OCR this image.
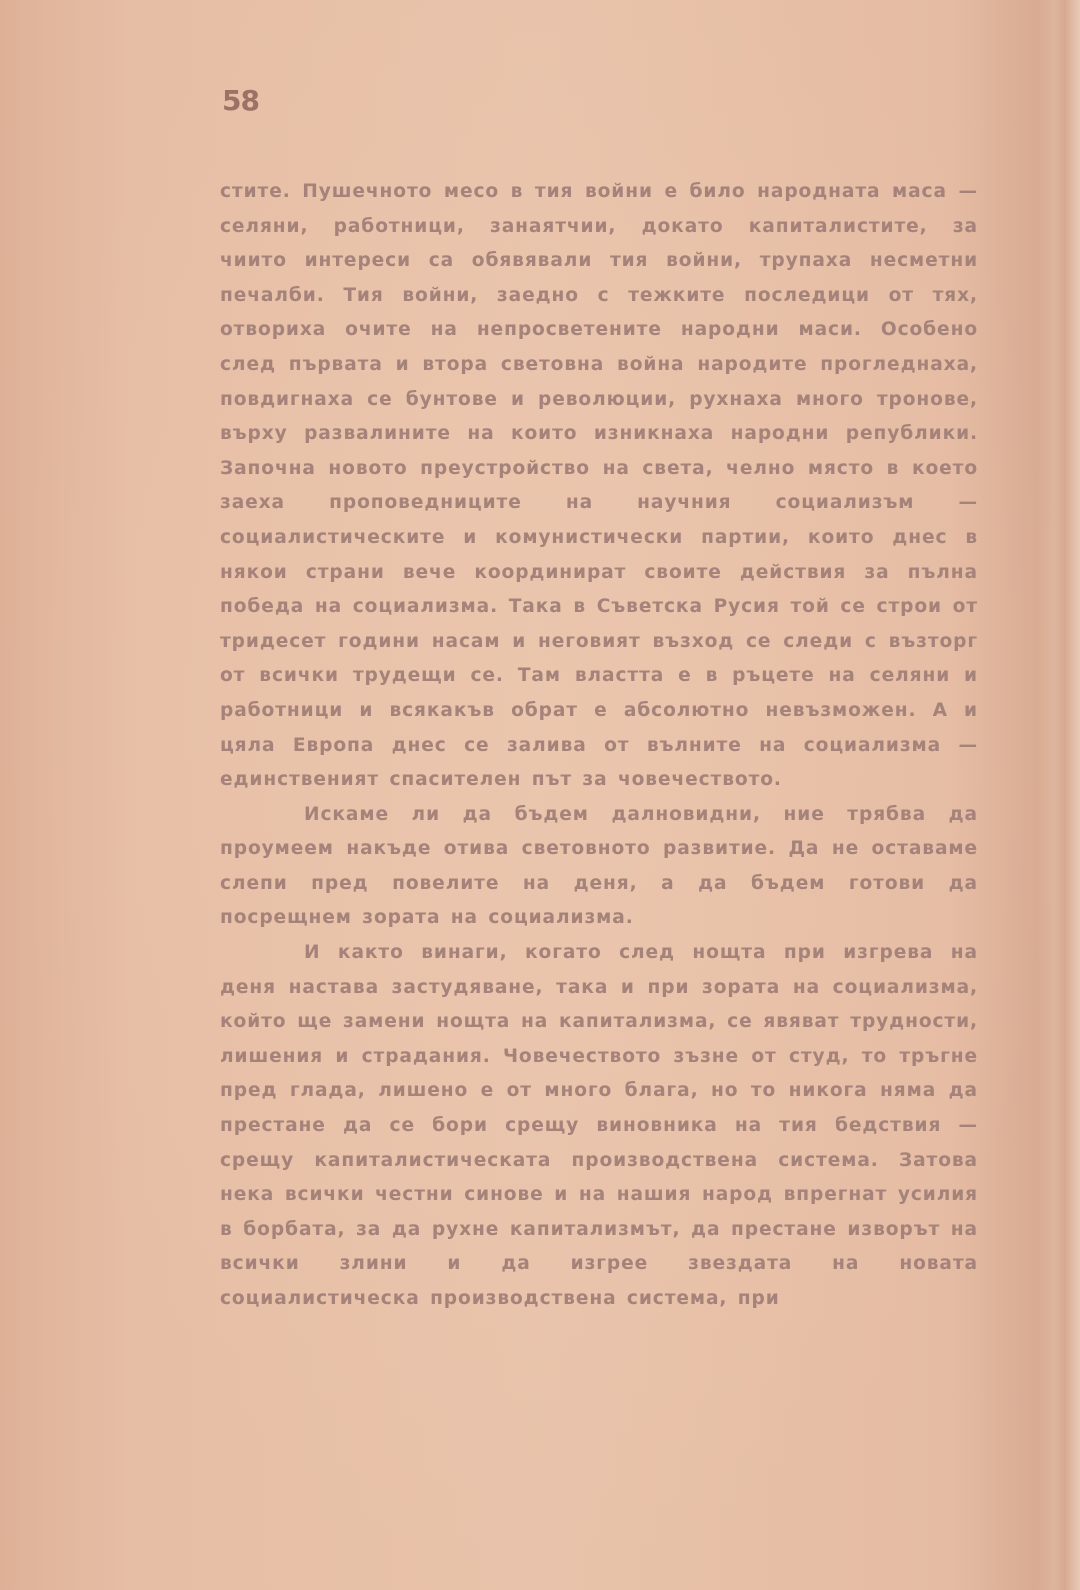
58

стите. Пушечното месо в тия войни е било народната маса — селяни, работници, занаятчии, докато капиталистите, за чиито интереси са обявявали тия войни, трупаха несметни печалби. Тия войни, заедно с тежките последици от тях, отвориха очите на непросветените народни маси. Особено след първата и втора световна война народите прогледнаха, повдигнаха се бунтове и революции, рухнаха много тронове, върху развалините на които изникнаха народни републики. Започна новото преустройство на света, челно място в което заеха проповедниците на научния социализъм — социалистическите и комунистически партии, които днес в някои страни вече координират своите действия за пълна победа на социализма. Така в Съветска Русия той се строи от тридесет години насам и неговият възход се следи с възторг от всички трудещи се. Там властта е в ръцете на селяни и работници и всякакъв обрат е абсолютно невъзможен. А и цяла Европа днес се залива от вълните на социализма — единственият спасителен път за човечеството.

Искаме ли да бъдем далновидни, ние трябва да проумеем накъде отива световното развитие. Да не оставаме слепи пред повелите на деня, а да бъдем готови да посрещнем зората на социализма.

И както винаги, когато след нощта при изгрева на деня настава застудяване, така и при зората на социализма, който ще замени нощта на капитализма, се явяват трудности, лишения и страдания. Човечеството зъзне от студ, то тръгне пред глада, лишено е от много блага, но то никога няма да престане да се бори срещу виновника на тия бедствия — срещу капиталистическата производствена система. Затова нека всички честни синове и на нашия народ впрегнат усилия в борбата, за да рухне капитализмът, да престане изворът на всички злини и да изгрее звездата на новата социалистическа производствена система, при
